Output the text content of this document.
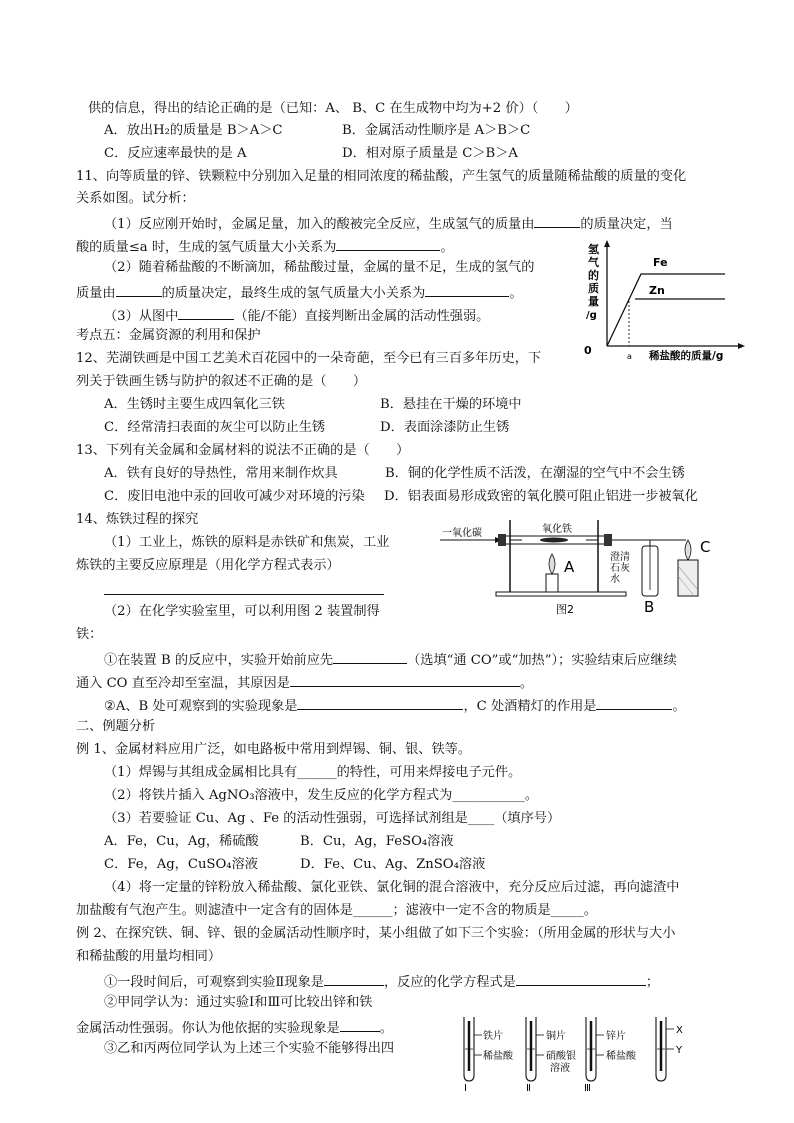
供的信息，得出的结论正确的是（已知：A、 B、C 在生成物中均为+2 价）（　　）
A．放出H₂的质量是 B＞A＞C	B．金属活动性顺序是 A＞B＞C
C．反应速率最快的是 A	D．相对原子质量是 C＞B＞A
11、向等质量的锌、铁颗粒中分别加入足量的相同浓度的稀盐酸，产生氢气的质量随稀盐酸的质量的变化
关系如图。试分析：
（1）反应刚开始时，金属足量，加入的酸被完全反应，生成氢气的质量由	的质量决定，当
酸的质量≤a 时，生成的氢气质量大小关系为	。
（2）随着稀盐酸的不断滴加，稀盐酸过量，金属的量不足，生成的氢气的
质量由	的质量决定，最终生成的氢气质量大小关系为	。
（3）从图中	（能/不能）直接判断出金属的活动性强弱。
考点五：金属资源的利用和保护
12、芜湖铁画是中国工艺美术百花园中的一朵奇葩，至今已有三百多年历史，下
列关于铁画生锈与防护的叙述不正确的是（　　）
A．生锈时主要生成四氧化三铁	B．悬挂在干燥的环境中
C．经常清扫表面的灰尘可以防止生锈	D．表面涂漆防止生锈
13、下列有关金属和金属材料的说法不正确的是（　　）
A．铁有良好的导热性，常用来制作炊具	B．铜的化学性质不活泼，在潮湿的空气中不会生锈
C．废旧电池中汞的回收可减少对环境的污染 D．铝表面易形成致密的氧化膜可阻止铝进一步被氧化
14、炼铁过程的探究
（1）工业上，炼铁的原料是赤铁矿和焦炭，工业
炼铁的主要反应原理是（用化学方程式表示）
（2）在化学实验室里，可以利用图 2 装置制得
铁：
①在装置 B 的反应中，实验开始前应先	（选填“通 CO”或“加热”）；实验结束后应继续
通入 CO 直至冷却至室温，其原因是	。
②A、B 处可观察到的实验现象是	，C 处酒精灯的作用是	。
二、例题分析
例 1、金属材料应用广泛，如电路板中常用到焊锡、铜、银、铁等。
（1）焊锡与其组成金属相比具有______的特性，可用来焊接电子元件。
（2）将铁片插入 AgNO₃溶液中，发生反应的化学方程式为___________。
（3）若要验证 Cu、Ag 、Fe 的活动性强弱，可选择试剂组是____（填序号）
A．Fe，Cu，Ag，稀硫酸	B．Cu，Ag，FeSO₄溶液
C．Fe，Ag，CuSO₄溶液	D．Fe、Cu、Ag、ZnSO₄溶液
（4）将一定量的锌粉放入稀盐酸、氯化亚铁、氯化铜的混合溶液中，充分反应后过滤，再向滤渣中
加盐酸有气泡产生。则滤渣中一定含有的固体是______；滤液中一定不含的物质是_____。
例 2、在探究铁、铜、锌、银的金属活动性顺序时，某小组做了如下三个实验：（所用金属的形状与大小
和稀盐酸的用量均相同）
①一段时间后，可观察到实验Ⅱ现象是	，反应的化学方程式是	；
②甲同学认为：通过实验Ⅰ和Ⅲ可比较出锌和铁
金属活动性强弱。你认为他依据的实验现象是	。
③乙和丙两位同学认为上述三个实验不能够得出四
氢
气
的
质
量
/g
0	a 稀盐酸的质量/g
Fe
Zn
一氧化碳	氧化铁
A
澄清
石灰
水
B
C
图2
铁片
稀盐酸
Ⅰ
铜片
硝酸银
溶液
Ⅱ
锌片
稀盐酸
Ⅲ
X
Y
